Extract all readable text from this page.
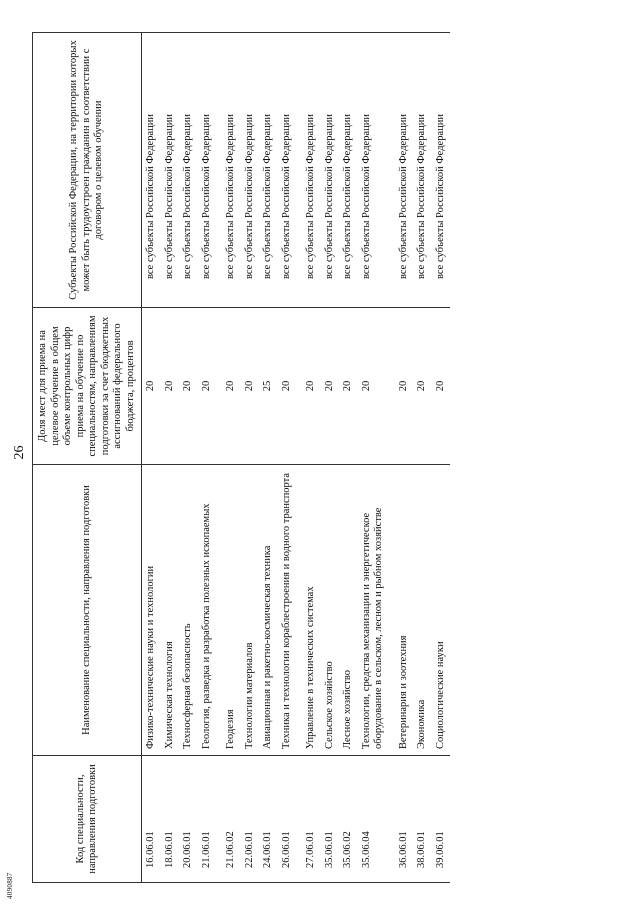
26
4090887
Код специальности, направления подготовки	Наименование специальности, направления подготовки	Доля мест для приема на целевое обучение в общем объеме контрольных цифр приема на обучение по специальностям, направлениям подготовки за счет бюджетных ассигнований федерального бюджета, процентов	Субъекты Российской Федерации, на территории которых может быть трудоустроен гражданин в соответствии с договором о целевом обучении
16.06.01	Физико-технические науки и технологии	20	все субъекты Российской Федерации
18.06.01	Химическая технология	20	все субъекты Российской Федерации
20.06.01	Техносферная безопасность	20	все субъекты Российской Федерации
21.06.01	Геология, разведка и разработка полезных ископаемых	20	все субъекты Российской Федерации
21.06.02	Геодезия	20	все субъекты Российской Федерации
22.06.01	Технологии материалов	20	все субъекты Российской Федерации
24.06.01	Авиационная и ракетно-космическая техника	25	все субъекты Российской Федерации
26.06.01	Техника и технологии кораблестроения и водного транспорта	20	все субъекты Российской Федерации
27.06.01	Управление в технических системах	20	все субъекты Российской Федерации
35.06.01	Сельское хозяйство	20	все субъекты Российской Федерации
35.06.02	Лесное хозяйство	20	все субъекты Российской Федерации
35.06.04	Технологии, средства механизации и энергетическое оборудование в сельском, лесном и рыбном хозяйстве	20	все субъекты Российской Федерации
36.06.01	Ветеринария и зоотехния	20	все субъекты Российской Федерации
38.06.01	Экономика	20	все субъекты Российской Федерации
39.06.01	Социологические науки	20	все субъекты Российской Федерации
